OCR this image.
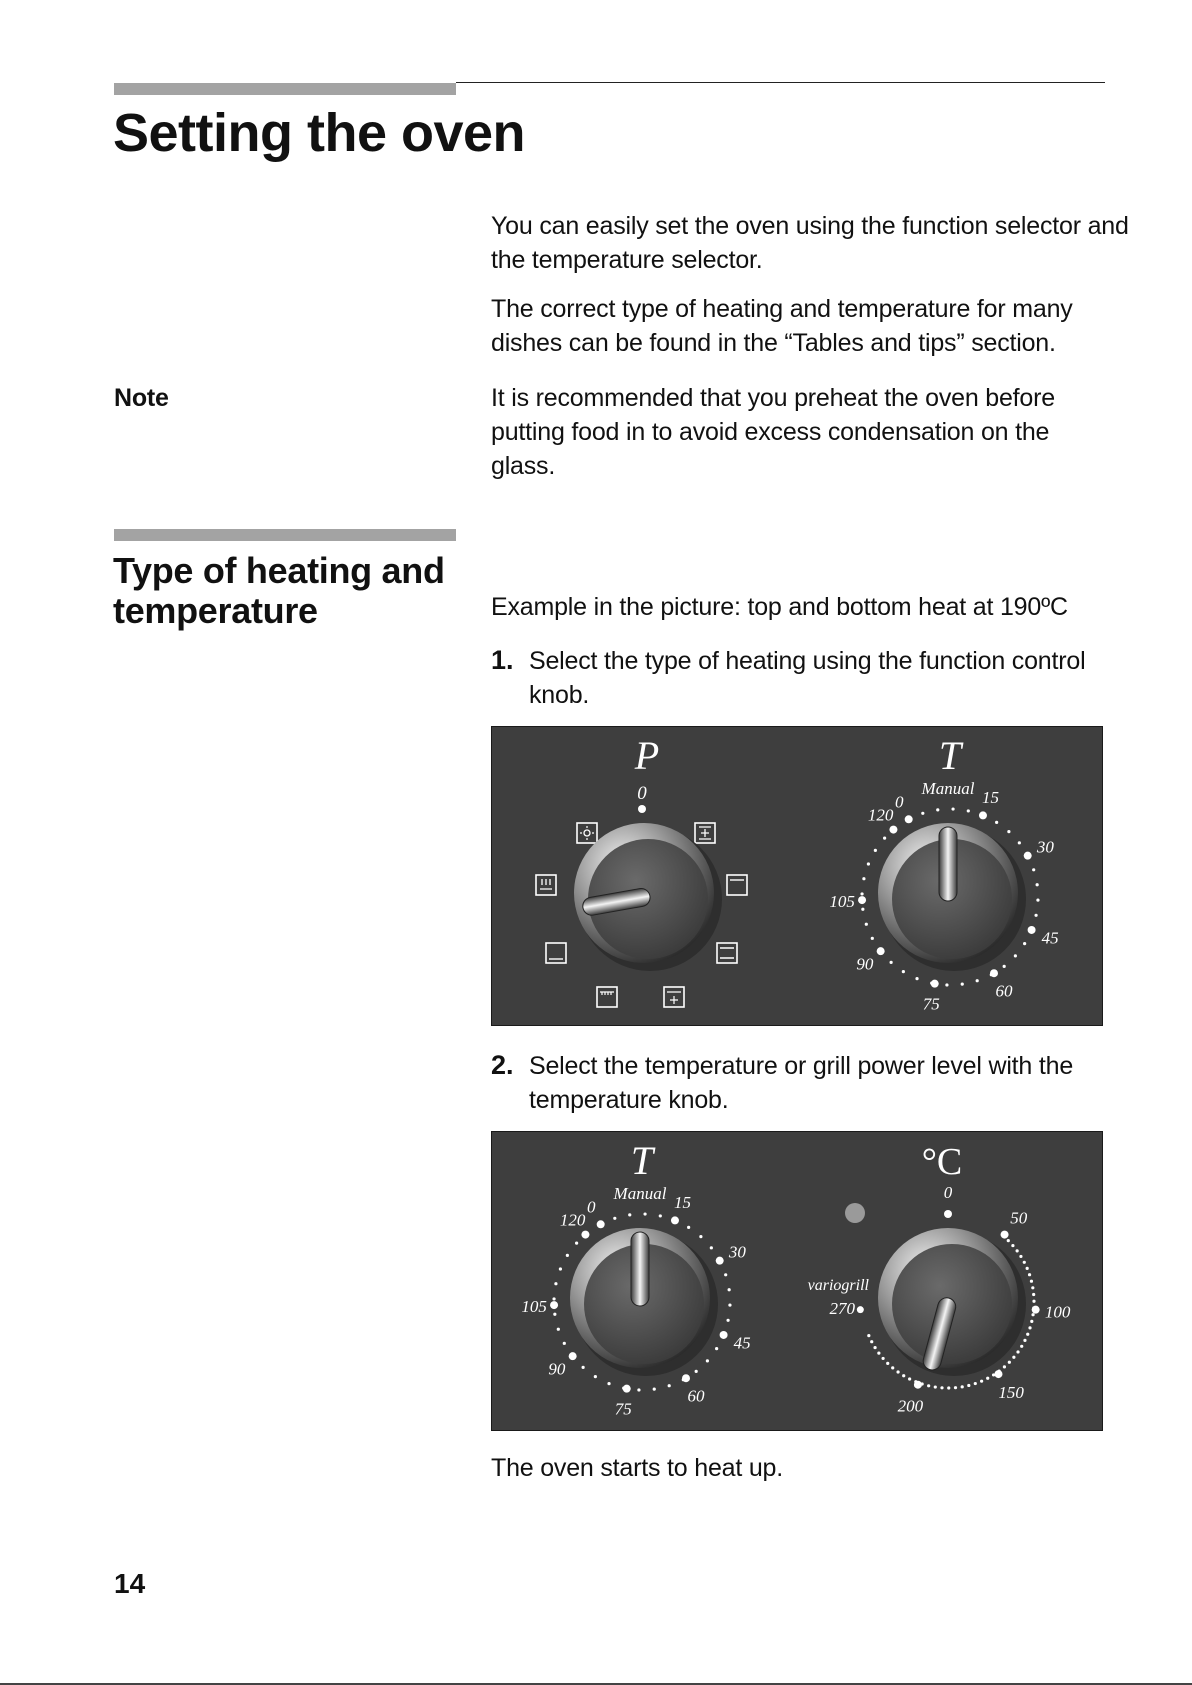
Setting the oven
You can easily set the oven using the function selector and the temperature selector.
The correct type of heating and temperature for many dishes can be found in the “Tables and tips” section.
Note	It is recommended that you preheat the oven before putting food in to avoid excess condensation on the glass.
Type of heating and temperature	Example in the picture: top and bottom heat at 190ºC
1. Select the type of heating using the function control knob.
P
0
T
Manual
0	15
30
45
60
75
90
105
120
2. Select the temperature or grill power level with the temperature knob.
T
Manual
0	15
30
45
60
75
90
105
120
°C
0
50
100
150
200
variogrill
270
The oven starts to heat up.
14
